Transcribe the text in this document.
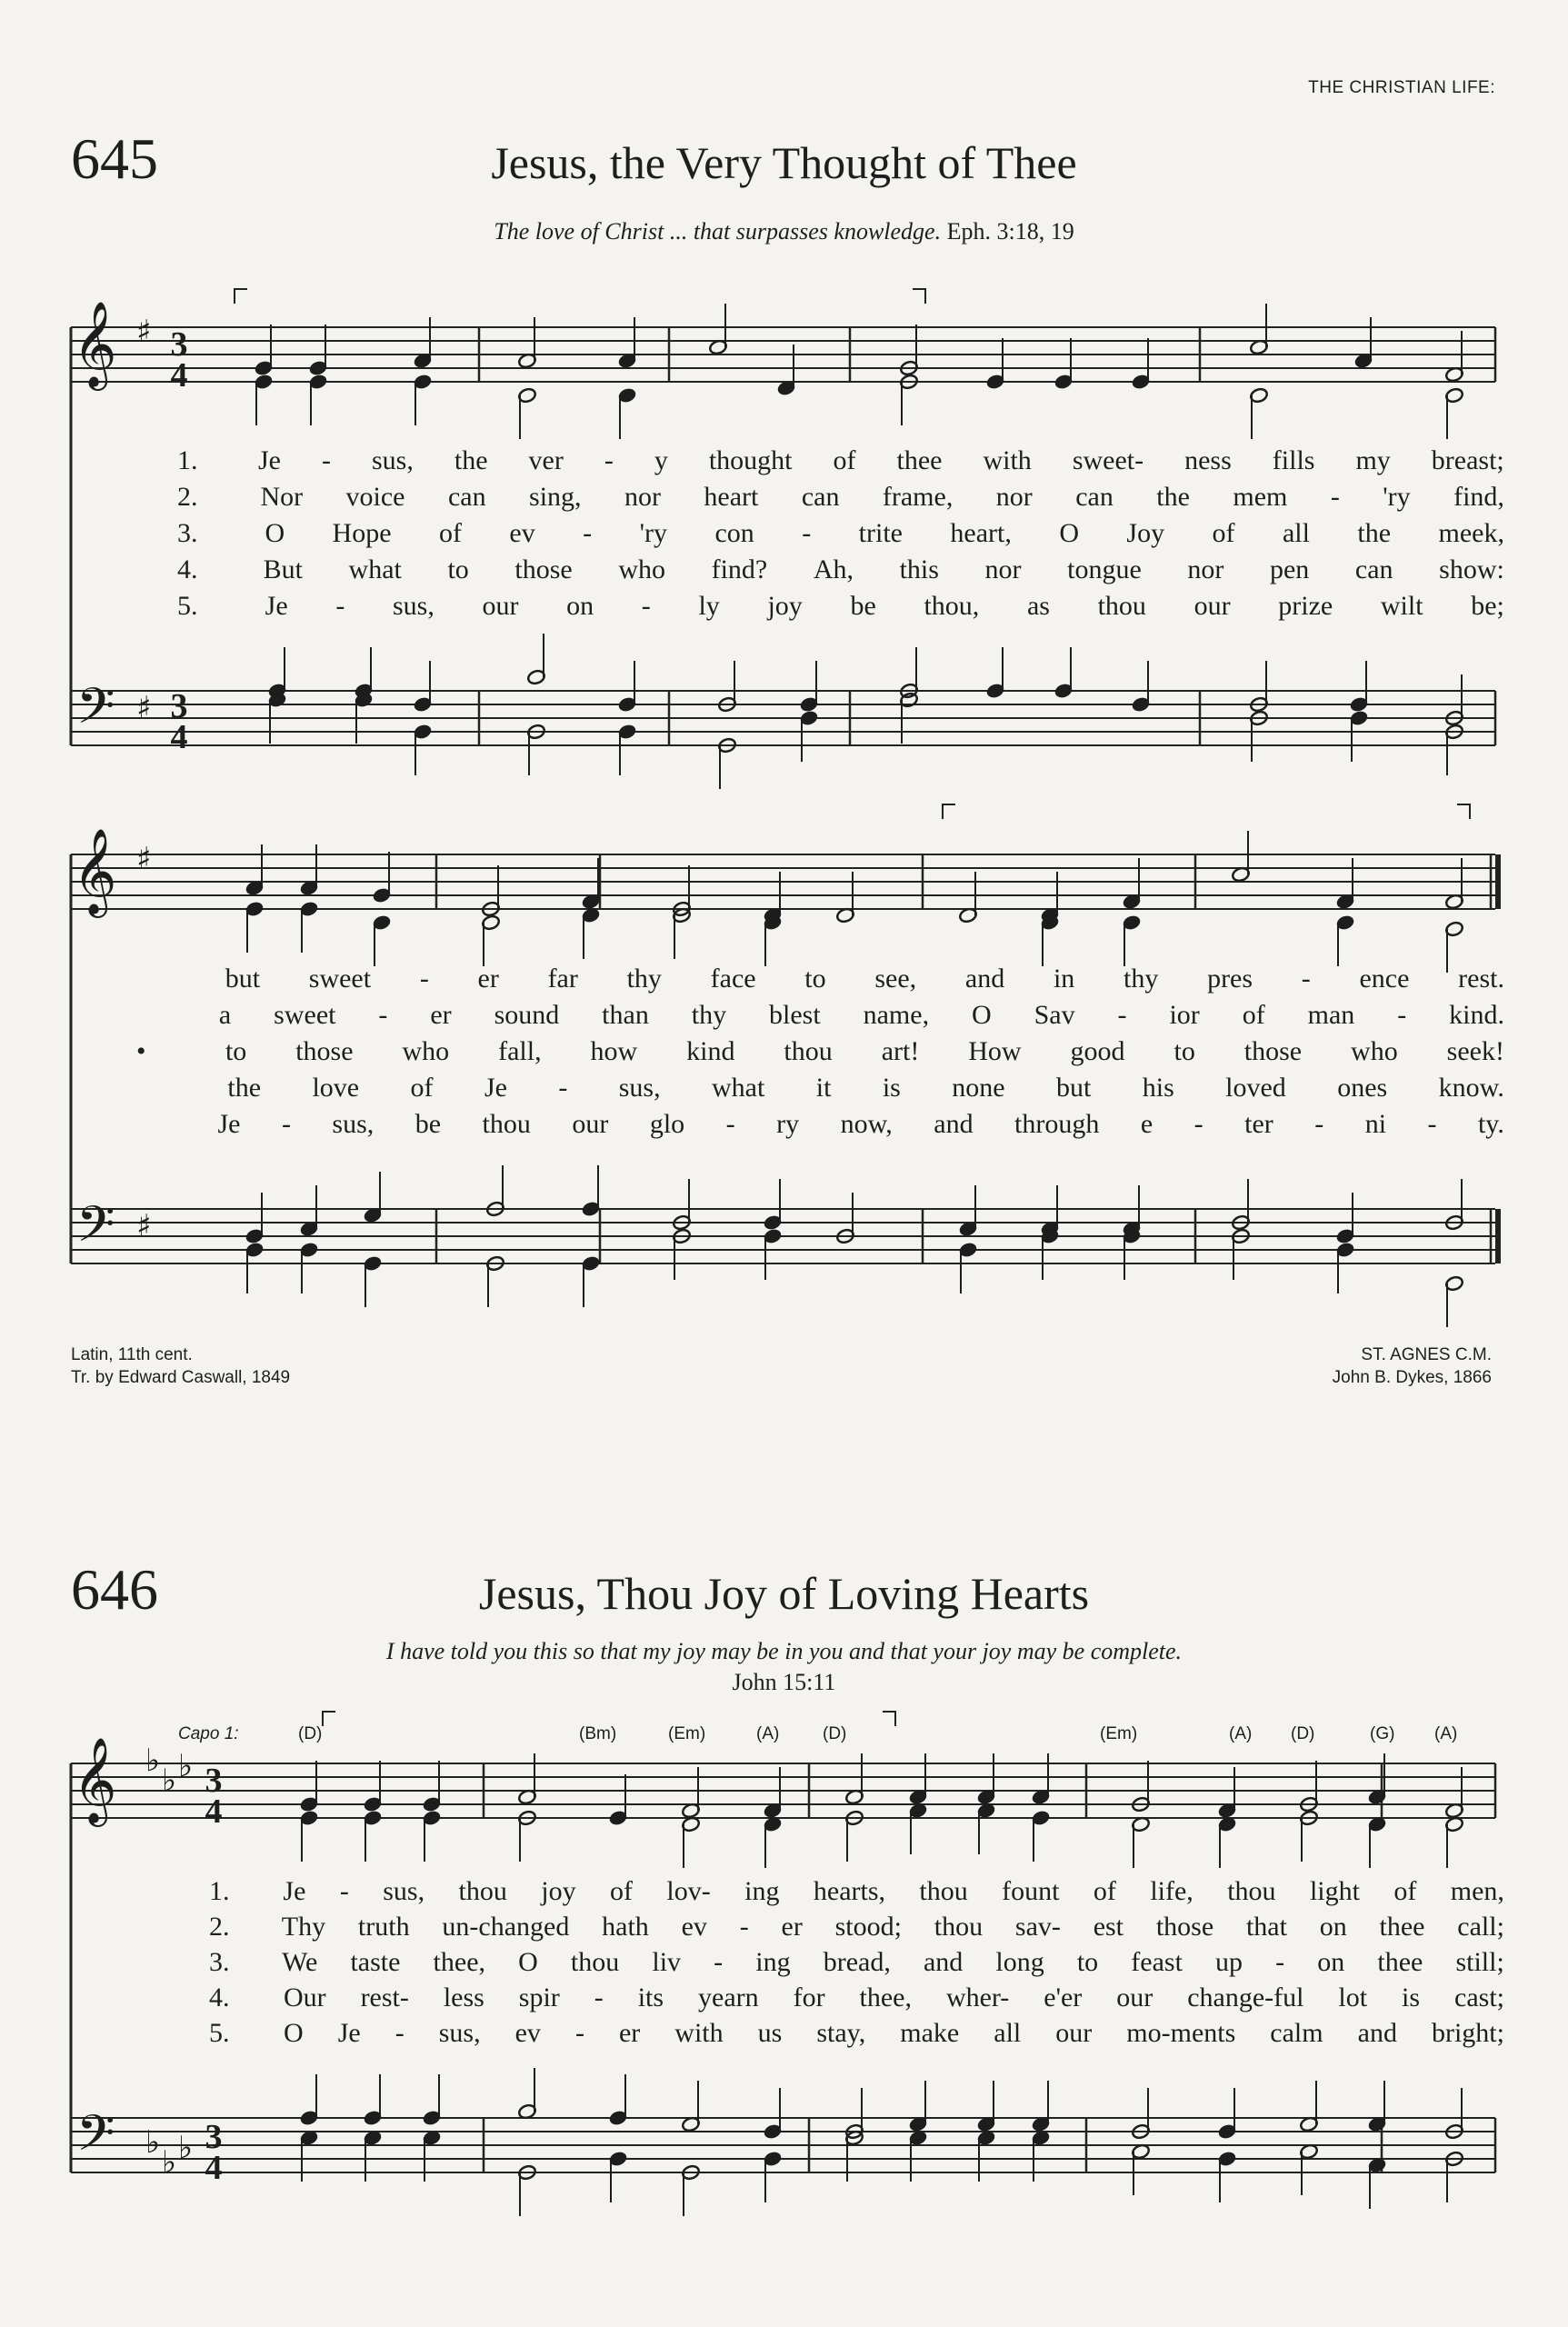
THE CHRISTIAN LIFE:
645	Jesus, the Very Thought of Thee
The love of Christ ... that surpasses knowledge. Eph. 3:18, 19
𝄞
𝄢
♯
♯
𝄞
𝄢
♯
♯
𝄞
𝄢
♭
♭ ♭
♭
♭ ♭
3
4
3
4
3
4
3
4
1.	Je - sus, the ver - y thought of thee with sweet- ness fills my breast;
2.	Nor voice can sing, nor heart can frame, nor can the mem - 'ry find,
3.	O Hope of ev - 'ry con - trite heart, O Joy of all the meek,
4.	But what to those who find? Ah, this nor tongue nor pen can show:
5.	Je - sus, our on - ly joy be thou, as thou our prize wilt be;
but sweet - er far thy face to see, and in thy pres - ence rest.
a sweet - er sound than thy blest name, O Sav - ior of man - kind.
•	to those who fall, how kind thou art! How good to those who seek!
the love of Je - sus, what it is none but his loved ones know.
Je - sus, be thou our glo - ry now, and through e - ter - ni - ty.
Latin, 11th cent.
Tr. by Edward Caswall, 1849
ST. AGNES C.M.
John B. Dykes, 1866
646	Jesus, Thou Joy of Loving Hearts
I have told you this so that my joy may be in you and that your joy may be complete.
John 15:11
Capo 1:	(D)	(Bm)	(Em)	(A)	(D)	(Em)	(A) (D)	(G) (A)
1.	Je - sus, thou joy of lov- ing hearts, thou fount of life, thou light of men,
2.	Thy truth un-changed hath ev - er stood; thou sav- est those that on thee call;
3.	We taste thee, O thou liv - ing bread, and long to feast up - on thee still;
4.	Our rest- less spir - its yearn for thee, wher- e'er our change-ful lot is cast;
5.	O Je - sus, ev - er with us stay, make all our mo-ments calm and bright;
